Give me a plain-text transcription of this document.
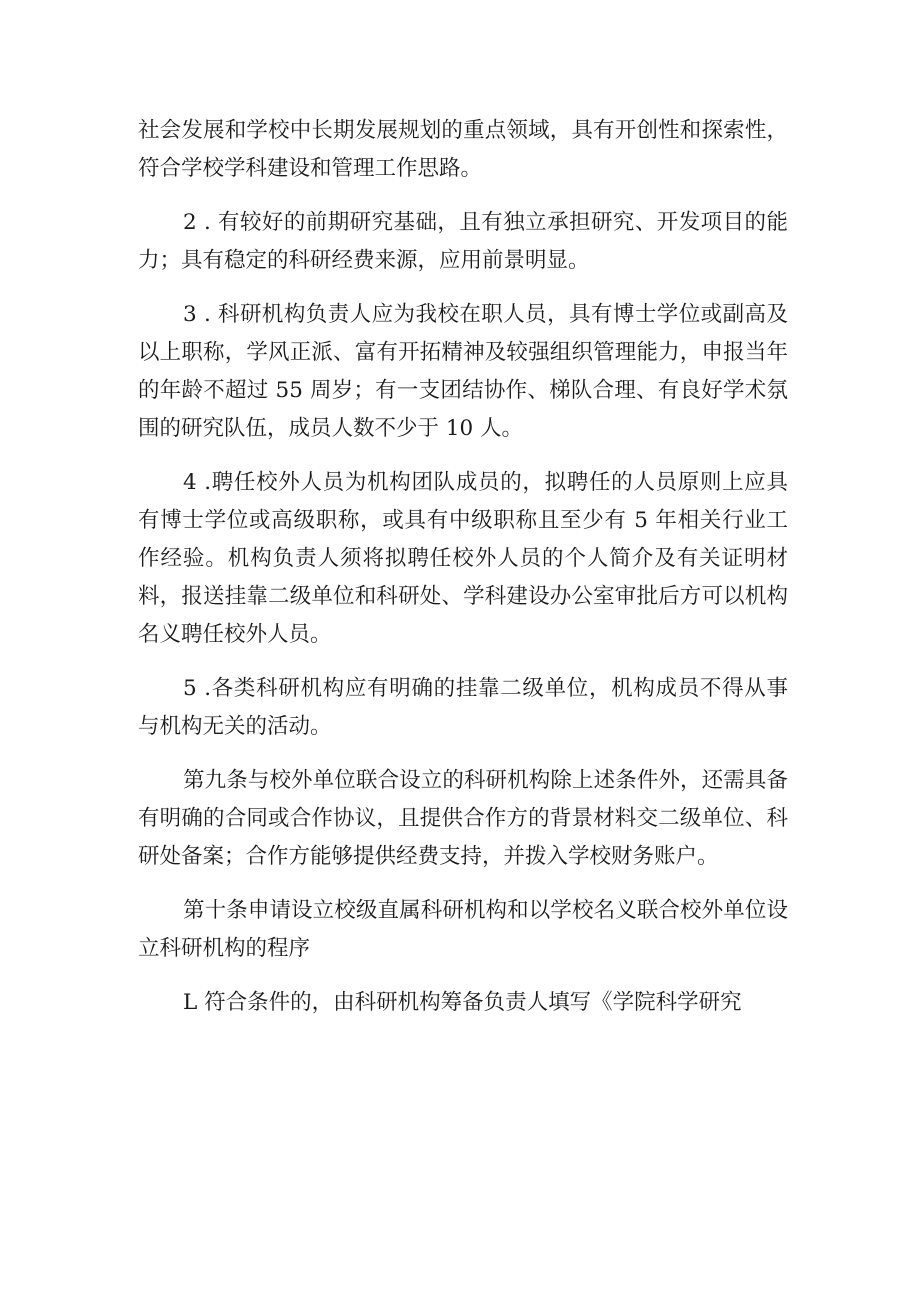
社会发展和学校中长期发展规划的重点领域，具有开创性和探索性，符合学校学科建设和管理工作思路。

2 . 有较好的前期研究基础，且有独立承担研究、开发项目的能力；具有稳定的科研经费来源，应用前景明显。

3 . 科研机构负责人应为我校在职人员，具有博士学位或副高及以上职称，学风正派、富有开拓精神及较强组织管理能力，申报当年的年龄不超过 55 周岁；有一支团结协作、梯队合理、有良好学术氛围的研究队伍，成员人数不少于 10 人。

4 .聘任校外人员为机构团队成员的，拟聘任的人员原则上应具有博士学位或高级职称，或具有中级职称且至少有 5 年相关行业工作经验。机构负责人须将拟聘任校外人员的个人简介及有关证明材料，报送挂靠二级单位和科研处、学科建设办公室审批后方可以机构名义聘任校外人员。

5 .各类科研机构应有明确的挂靠二级单位，机构成员不得从事与机构无关的活动。

第九条与校外单位联合设立的科研机构除上述条件外，还需具备有明确的合同或合作协议，且提供合作方的背景材料交二级单位、科研处备案；合作方能够提供经费支持，并拨入学校财务账户。

第十条申请设立校级直属科研机构和以学校名义联合校外单位设立科研机构的程序

L 符合条件的，由科研机构筹备负责人填写《学院科学研究
